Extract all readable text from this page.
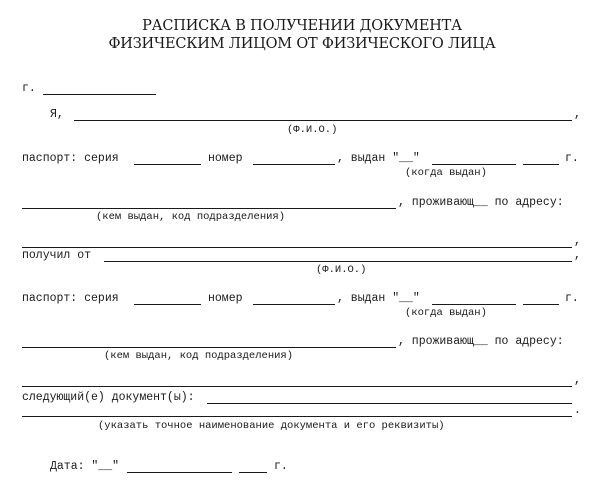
РАСПИСКА В ПОЛУЧЕНИИ ДОКУМЕНТА
ФИЗИЧЕСКИМ ЛИЦОМ ОТ ФИЗИЧЕСКОГО ЛИЦА
г.
Я,	,
(Ф.И.О.)
паспорт: серия	номер	, выдан "__"	г.
(когда выдан)
, проживающ__ по адресу:
(кем выдан, код подразделения)
,
получил от	,
(Ф.И.О.)
паспорт: серия	номер	, выдан "__"	г.
(когда выдан)
, проживающ__ по адресу:
(кем выдан, код подразделения)
,
следующий(е) документ(ы):
.
(указать точное наименование документа и его реквизиты)
Дата: "__"	г.
